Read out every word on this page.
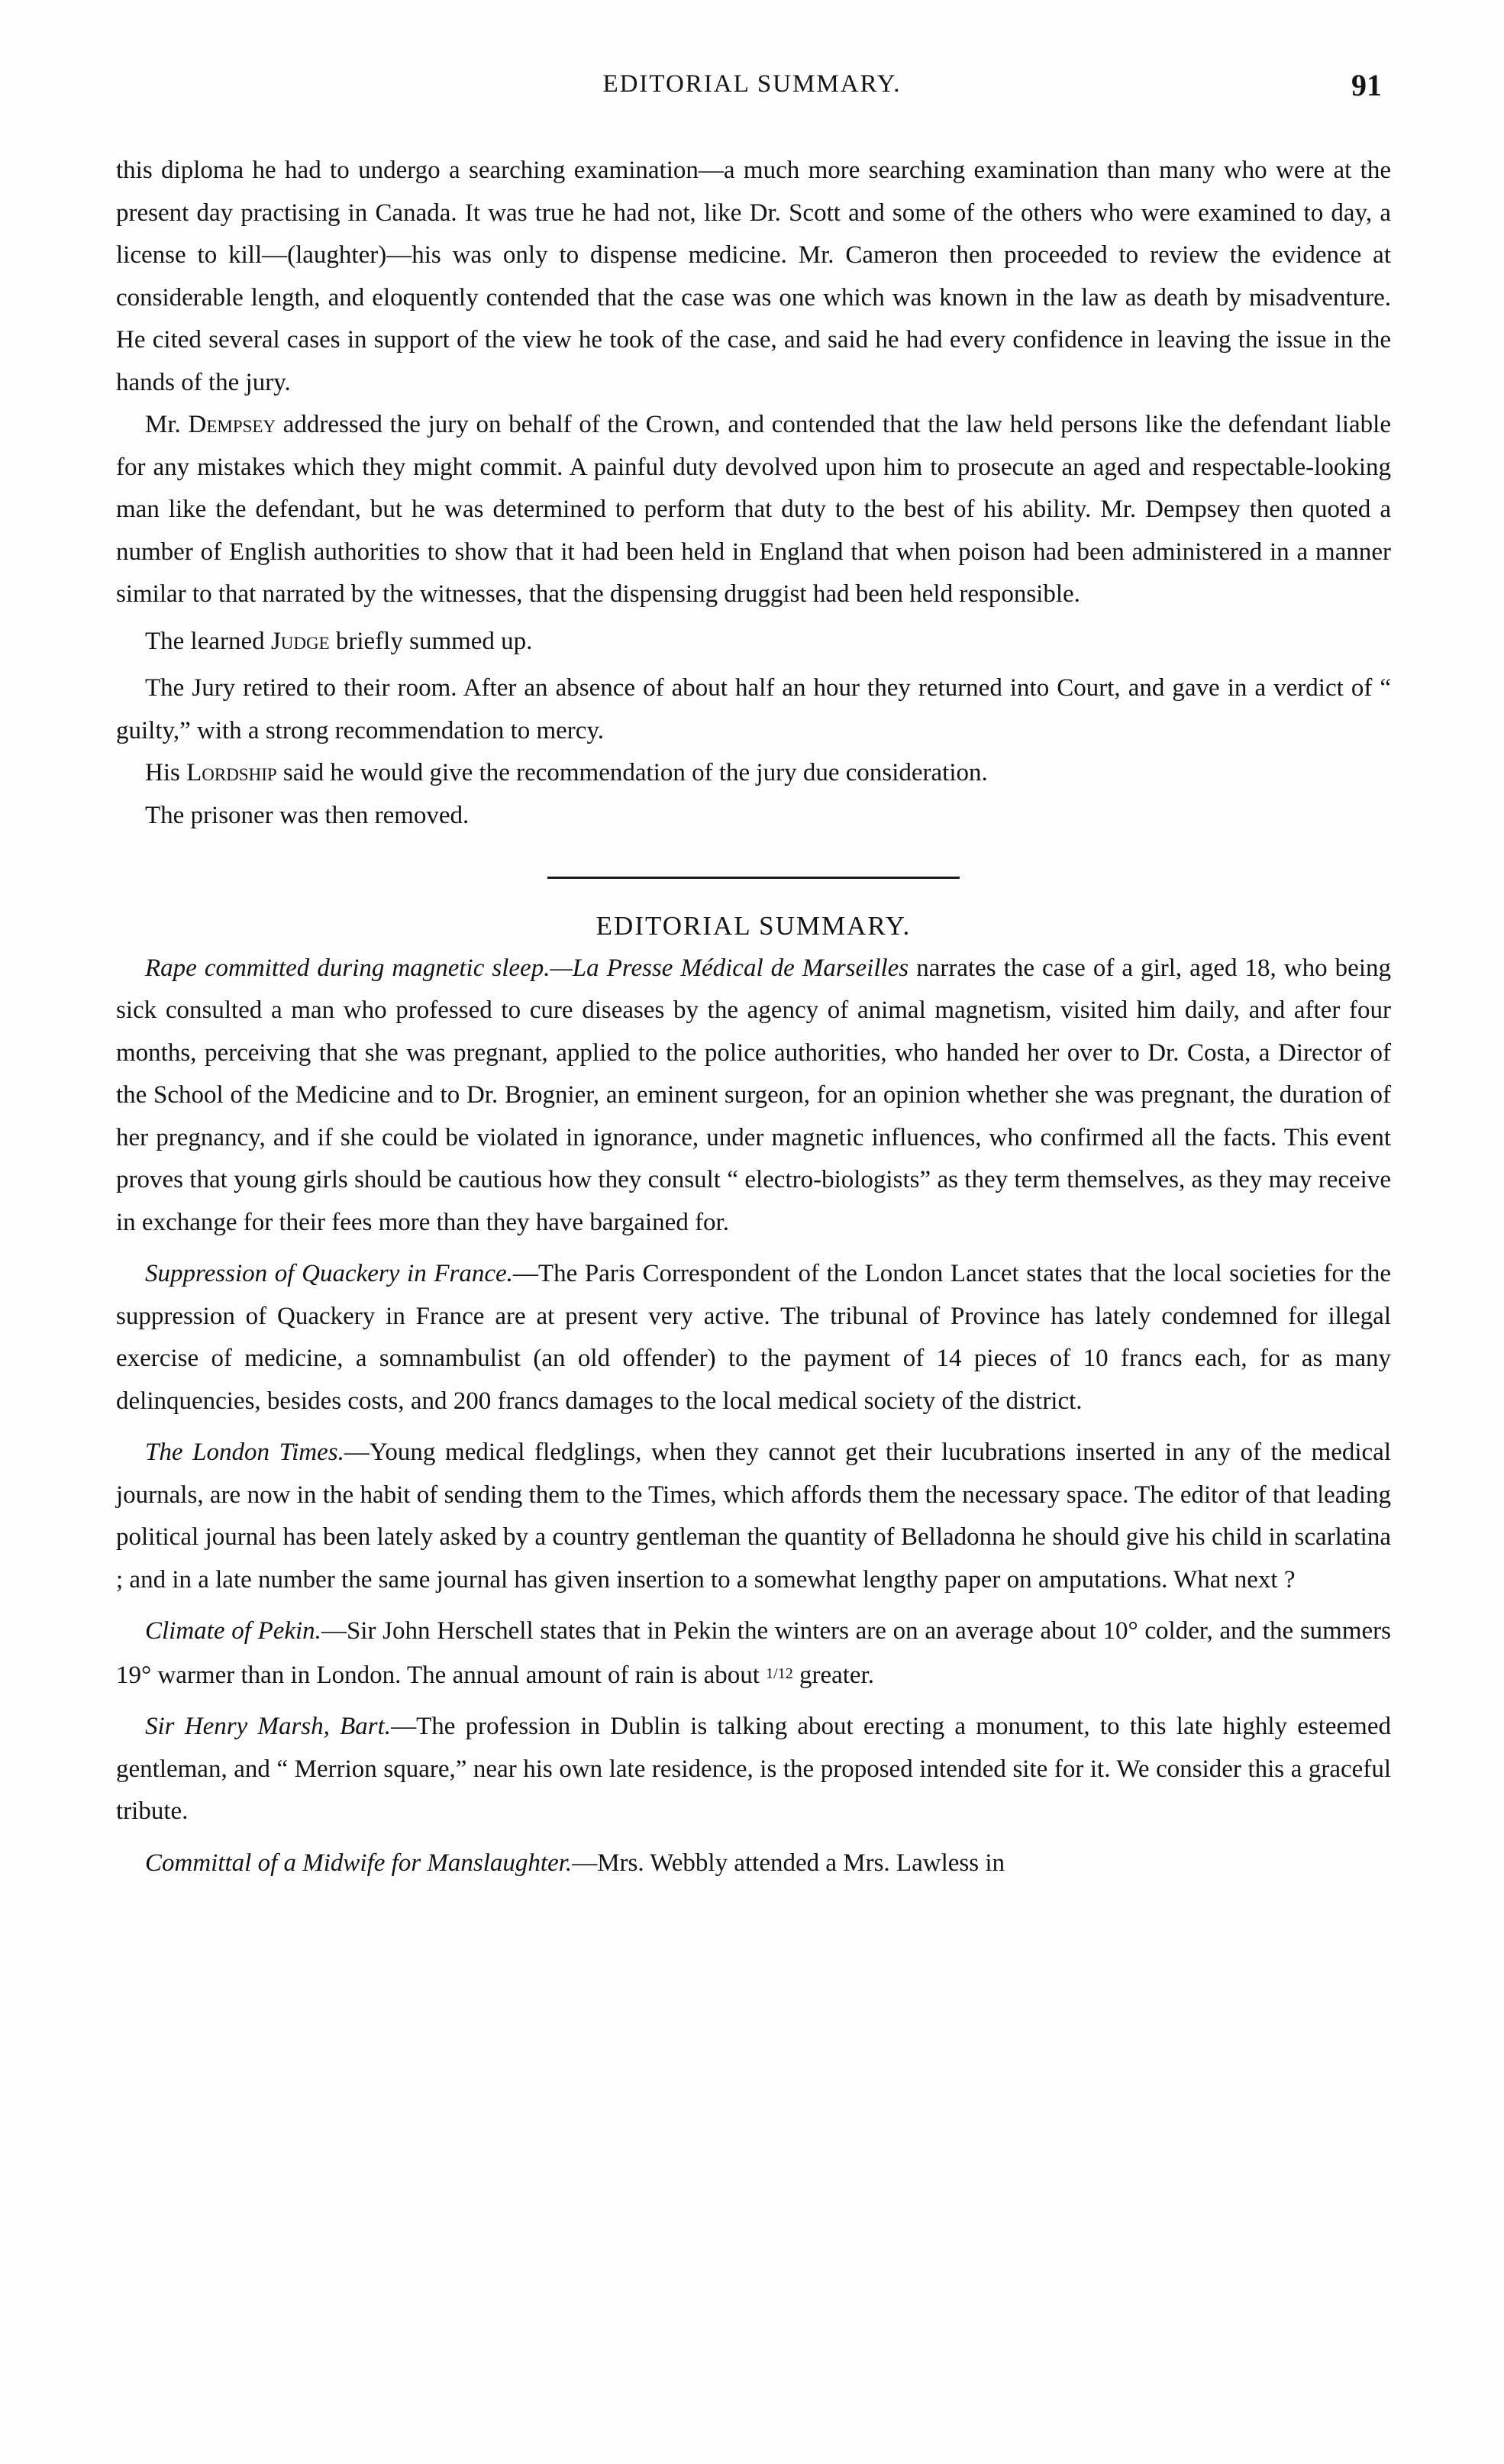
EDITORIAL SUMMARY.	91

this diploma he had to undergo a searching examination—a much more searching examination than many who were at the present day practising in Canada. It was true he had not, like Dr. Scott and some of the others who were examined to day, a license to kill—(laughter)—his was only to dispense medicine. Mr. Cameron then proceeded to review the evidence at considerable length, and eloquently contended that the case was one which was known in the law as death by misadventure. He cited several cases in support of the view he took of the case, and said he had every confidence in leaving the issue in the hands of the jury.

Mr. Dempsey addressed the jury on behalf of the Crown, and contended that the law held persons like the defendant liable for any mistakes which they might commit. A painful duty devolved upon him to prosecute an aged and respectable-looking man like the defendant, but he was determined to perform that duty to the best of his ability. Mr. Dempsey then quoted a number of English authorities to show that it had been held in England that when poison had been administered in a manner similar to that narrated by the witnesses, that the dispensing druggist had been held responsible.

The learned Judge briefly summed up.

The Jury retired to their room. After an absence of about half an hour they returned into Court, and gave in a verdict of “ guilty,” with a strong recommendation to mercy.

His Lordship said he would give the recommendation of the jury due consideration.

The prisoner was then removed.

EDITORIAL SUMMARY.

Rape committed during magnetic sleep.—La Presse Médical de Marseilles narrates the case of a girl, aged 18, who being sick consulted a man who professed to cure diseases by the agency of animal magnetism, visited him daily, and after four months, perceiving that she was pregnant, applied to the police authorities, who handed her over to Dr. Costa, a Director of the School of the Medicine and to Dr. Brognier, an eminent surgeon, for an opinion whether she was pregnant, the duration of her pregnancy, and if she could be violated in ignorance, under magnetic influences, who confirmed all the facts. This event proves that young girls should be cautious how they consult “ electro-biologists” as they term themselves, as they may receive in exchange for their fees more than they have bargained for.

Suppression of Quackery in France.—The Paris Correspondent of the London Lancet states that the local societies for the suppression of Quackery in France are at present very active. The tribunal of Province has lately condemned for illegal exercise of medicine, a somnambulist (an old offender) to the payment of 14 pieces of 10 francs each, for as many delinquencies, besides costs, and 200 francs damages to the local medical society of the district.

The London Times.—Young medical fledglings, when they cannot get their lucubrations inserted in any of the medical journals, are now in the habit of sending them to the Times, which affords them the necessary space. The editor of that leading political journal has been lately asked by a country gentleman the quantity of Belladonna he should give his child in scarlatina ; and in a late number the same journal has given insertion to a somewhat lengthy paper on amputations. What next ?

Climate of Pekin.—Sir John Herschell states that in Pekin the winters are on an average about 10° colder, and the summers 19° warmer than in London. The annual amount of rain is about 1/12 greater.

Sir Henry Marsh, Bart.—The profession in Dublin is talking about erecting a monument, to this late highly esteemed gentleman, and “ Merrion square,” near his own late residence, is the proposed intended site for it. We consider this a graceful tribute.

Committal of a Midwife for Manslaughter.—Mrs. Webbly attended a Mrs. Lawless in
